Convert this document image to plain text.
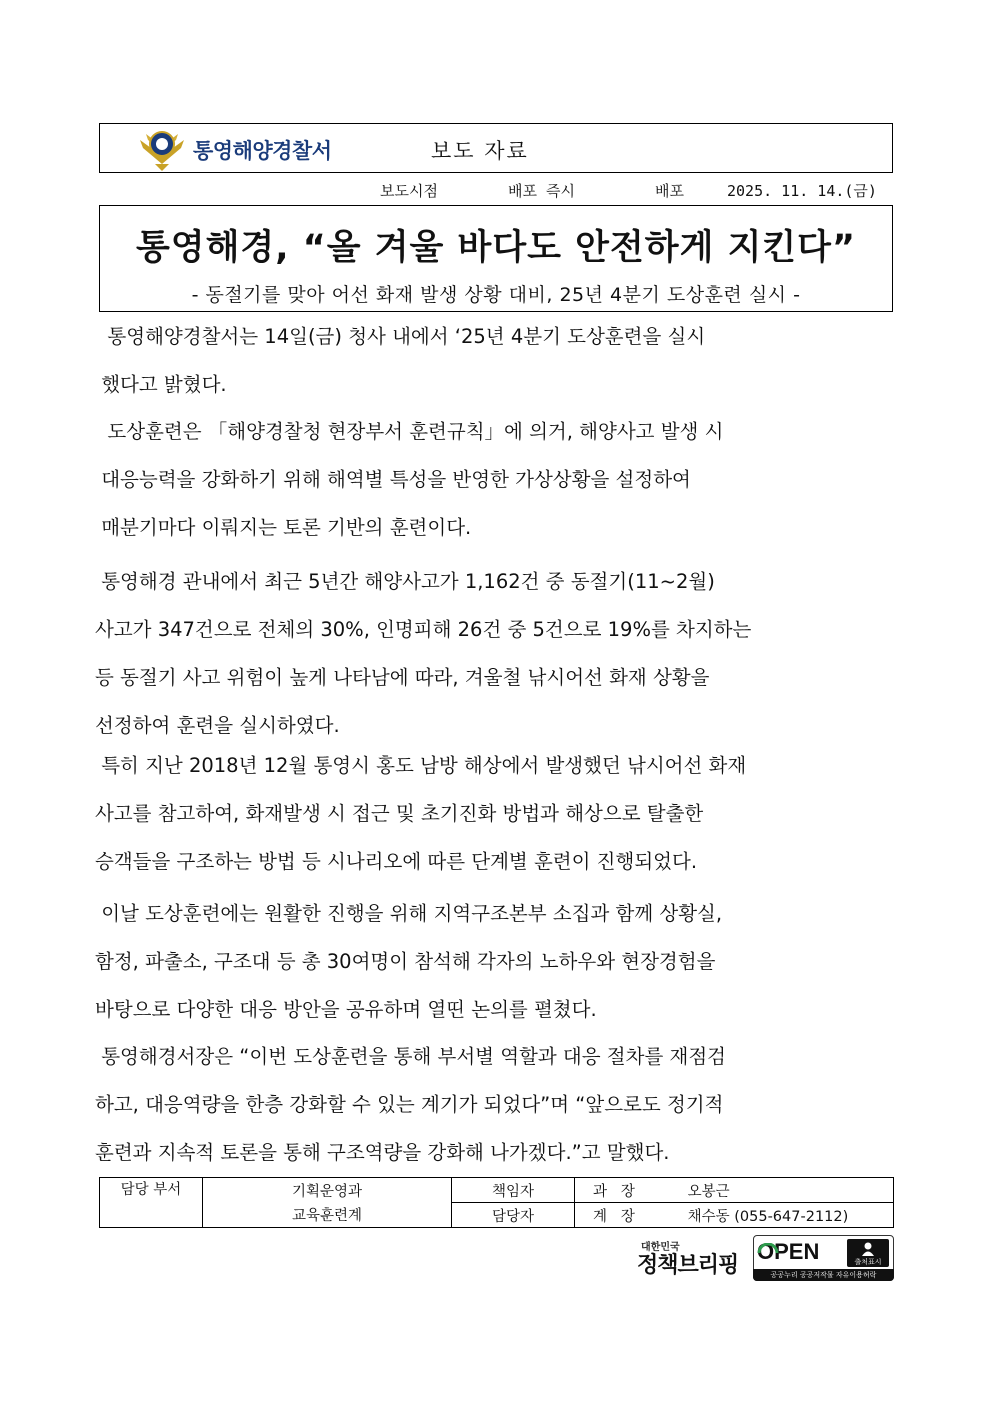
통영해양경찰서	보도 자료
보도시점	배포 즉시	배포	2025. 11. 14.(금)
통영해경, “올 겨울 바다도 안전하게 지킨다”
- 동절기를 맞아 어선 화재 발생 상황 대비, 25년 4분기 도상훈련 실시 -
통영해양경찰서는 14일(금) 청사 내에서 ‘25년 4분기 도상훈련을 실시
했다고 밝혔다.
도상훈련은 「해양경찰청 현장부서 훈련규칙」에 의거, 해양사고 발생 시
대응능력을 강화하기 위해 해역별 특성을 반영한 가상상황을 설정하여
매분기마다 이뤄지는 토론 기반의 훈련이다.
통영해경 관내에서 최근 5년간 해양사고가 1,162건 중 동절기(11~2월)
사고가 347건으로 전체의 30%, 인명피해 26건 중 5건으로 19%를 차지하는
등 동절기 사고 위험이 높게 나타남에 따라, 겨울철 낚시어선 화재 상황을
선정하여 훈련을 실시하였다.
특히 지난 2018년 12월 통영시 홍도 남방 해상에서 발생했던 낚시어선 화재
사고를 참고하여, 화재발생 시 접근 및 초기진화 방법과 해상으로 탈출한
승객들을 구조하는 방법 등 시나리오에 따른 단계별 훈련이 진행되었다.
이날 도상훈련에는 원활한 진행을 위해 지역구조본부 소집과 함께 상황실,
함정, 파출소, 구조대 등 총 30여명이 참석해 각자의 노하우와 현장경험을
바탕으로 다양한 대응 방안을 공유하며 열띤 논의를 펼쳤다.
통영해경서장은 “이번 도상훈련을 통해 부서별 역할과 대응 절차를 재점검
하고, 대응역량을 한층 강화할 수 있는 계기가 되었다”며 “앞으로도 정기적
훈련과 지속적 토론을 통해 구조역량을 강화해 나가겠다.”고 말했다.
담당 부서	기획운영과	책임자	과   장 오봉근
	교육훈련계	담당자	계   장 채수동 (055-647-2112)
대한민국
정책브리핑
OPEN	출처표시
공공누리 공공저작물 자유이용허락
